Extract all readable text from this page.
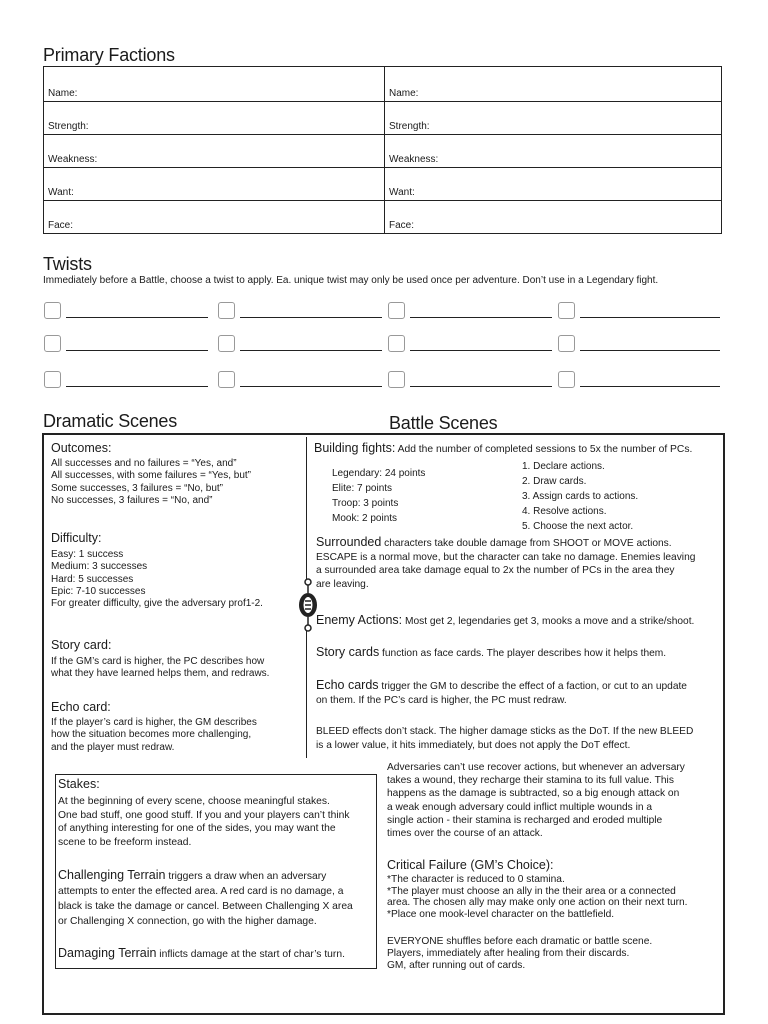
Primary Factions
Name:
Strength:
Weakness:
Want:
Face:
Name:
Strength:
Weakness:
Want:
Face:
Twists
Immediately before a Battle, choose a twist to apply. Ea. unique twist may only be used once per adventure. Don’t use in a Legendary fight.
Dramatic Scenes	Battle Scenes
Outcomes:
All successes and no failures = “Yes, and”
All successes, with some failures = “Yes, but”
Some successes, 3 failures = “No, but”
No successes, 3 failures = “No, and”
Difficulty:
Easy: 1 success
Medium: 3 successes
Hard: 5 successes
Epic: 7-10 successes
For greater difficulty, give the adversary prof1-2.
Story card:
If the GM’s card is higher, the PC describes how
what they have learned helps them, and redraws.
Echo card:
If the player’s card is higher, the GM describes
how the situation becomes more challenging,
and the player must redraw.
Stakes:
At the beginning of every scene, choose meaningful stakes.
One bad stuff, one good stuff. If you and your players can’t think
of anything interesting for one of the sides, you may want the
scene to be freeform instead.
Challenging Terrain triggers a draw when an adversary
attempts to enter the effected area. A red card is no damage, a
black is take the damage or cancel. Between Challenging X area
or Challenging X connection, go with the higher damage.
Damaging Terrain inflicts damage at the start of char’s turn.
Building fights: Add the number of completed sessions to 5x the number of PCs.
Legendary: 24 points
Elite: 7 points
Troop: 3 points
Mook: 2 points
1. Declare actions.
2. Draw cards.
3. Assign cards to actions.
4. Resolve actions.
5. Choose the next actor.
Surrounded characters take double damage from SHOOT or MOVE actions.
ESCAPE is a normal move, but the character can take no damage. Enemies leaving
a surrounded area take damage equal to 2x the number of PCs in the area they
are leaving.
Enemy Actions: Most get 2, legendaries get 3, mooks a move and a strike/shoot.
Story cards function as face cards. The player describes how it helps them.
Echo cards trigger the GM to describe the effect of a faction, or cut to an update
on them. If the PC’s card is higher, the PC must redraw.
BLEED effects don’t stack. The higher damage sticks as the DoT. If the new BLEED
is a lower value, it hits immediately, but does not apply the DoT effect.
Adversaries can’t use recover actions, but whenever an adversary
takes a wound, they recharge their stamina to its full value. This
happens as the damage is subtracted, so a big enough attack on
a weak enough adversary could inflict multiple wounds in a
single action - their stamina is recharged and eroded multiple
times over the course of an attack.
Critical Failure (GM’s Choice):
*The character is reduced to 0 stamina.
*The player must choose an ally in the their area or a connected
area. The chosen ally may make only one action on their next turn.
*Place one mook-level character on the battlefield.
EVERYONE shuffles before each dramatic or battle scene.
Players, immediately after healing from their discards.
GM, after running out of cards.
